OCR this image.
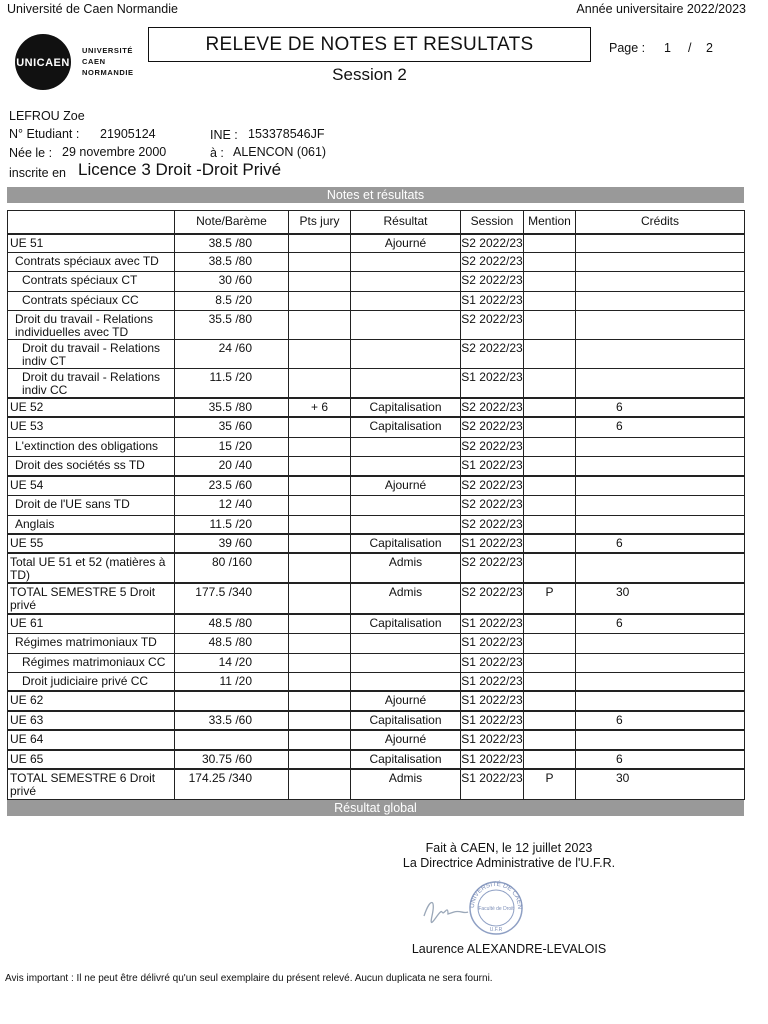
Université de Caen Normandie	Année universitaire 2022/2023
UNICAEN
UNIVERSITÉ
CAEN
NORMANDIE
RELEVE DE NOTES ET RESULTATS
Session 2
Page : 1 / 2
LEFROU Zoe
N° Etudiant : 21905124	INE : 153378546JF
Née le : 29 novembre 2000	à : ALENCON (061)
inscrite en Licence 3 Droit -Droit Privé
Notes et résultats
	Note/Barème	Pts jury	Résultat	Session	Mention	Crédits
UE 51	38.5 /80		Ajourné	S2 2022/23		
Contrats spéciaux avec TD	38.5 /80			S2 2022/23		
Contrats spéciaux CT	30 /60			S2 2022/23		
Contrats spéciaux CC	8.5 /20			S1 2022/23		
Droit du travail - Relations individuelles avec TD	35.5 /80			S2 2022/23		
Droit du travail - Relations indiv CT	24 /60			S2 2022/23		
Droit du travail - Relations indiv CC	11.5 /20			S1 2022/23		
UE 52	35.5 /80	+ 6	Capitalisation	S2 2022/23		6
UE 53	35 /60		Capitalisation	S2 2022/23		6
L'extinction des obligations	15 /20			S2 2022/23		
Droit des sociétés ss TD	20 /40			S1 2022/23		
UE 54	23.5 /60		Ajourné	S2 2022/23		
Droit de l'UE sans TD	12 /40			S2 2022/23		
Anglais	11.5 /20			S2 2022/23		
UE 55	39 /60		Capitalisation	S1 2022/23		6
Total UE 51 et 52 (matières à TD)	80 /160		Admis	S2 2022/23		
TOTAL SEMESTRE 5 Droit privé	177.5 /340		Admis	S2 2022/23	P	30
UE 61	48.5 /80		Capitalisation	S1 2022/23		6
Régimes matrimoniaux TD	48.5 /80			S1 2022/23		
Régimes matrimoniaux CC	14 /20			S1 2022/23		
Droit judiciaire privé CC	11 /20			S1 2022/23		
UE 62			Ajourné	S1 2022/23		
UE 63	33.5 /60		Capitalisation	S1 2022/23		6
UE 64			Ajourné	S1 2022/23		
UE 65	30.75 /60		Capitalisation	S1 2022/23		6
TOTAL SEMESTRE 6 Droit privé	174.25 /340		Admis	S1 2022/23	P	30
Résultat global
Fait à CAEN, le 12 juillet 2023
La Directrice Administrative de l'U.F.R.
UNIVERSITÉ DE CAEN
Faculté de Droit
U.F.R
Laurence ALEXANDRE-LEVALOIS
Avis important : Il ne peut être délivré qu'un seul exemplaire du présent relevé. Aucun duplicata ne sera fourni.
